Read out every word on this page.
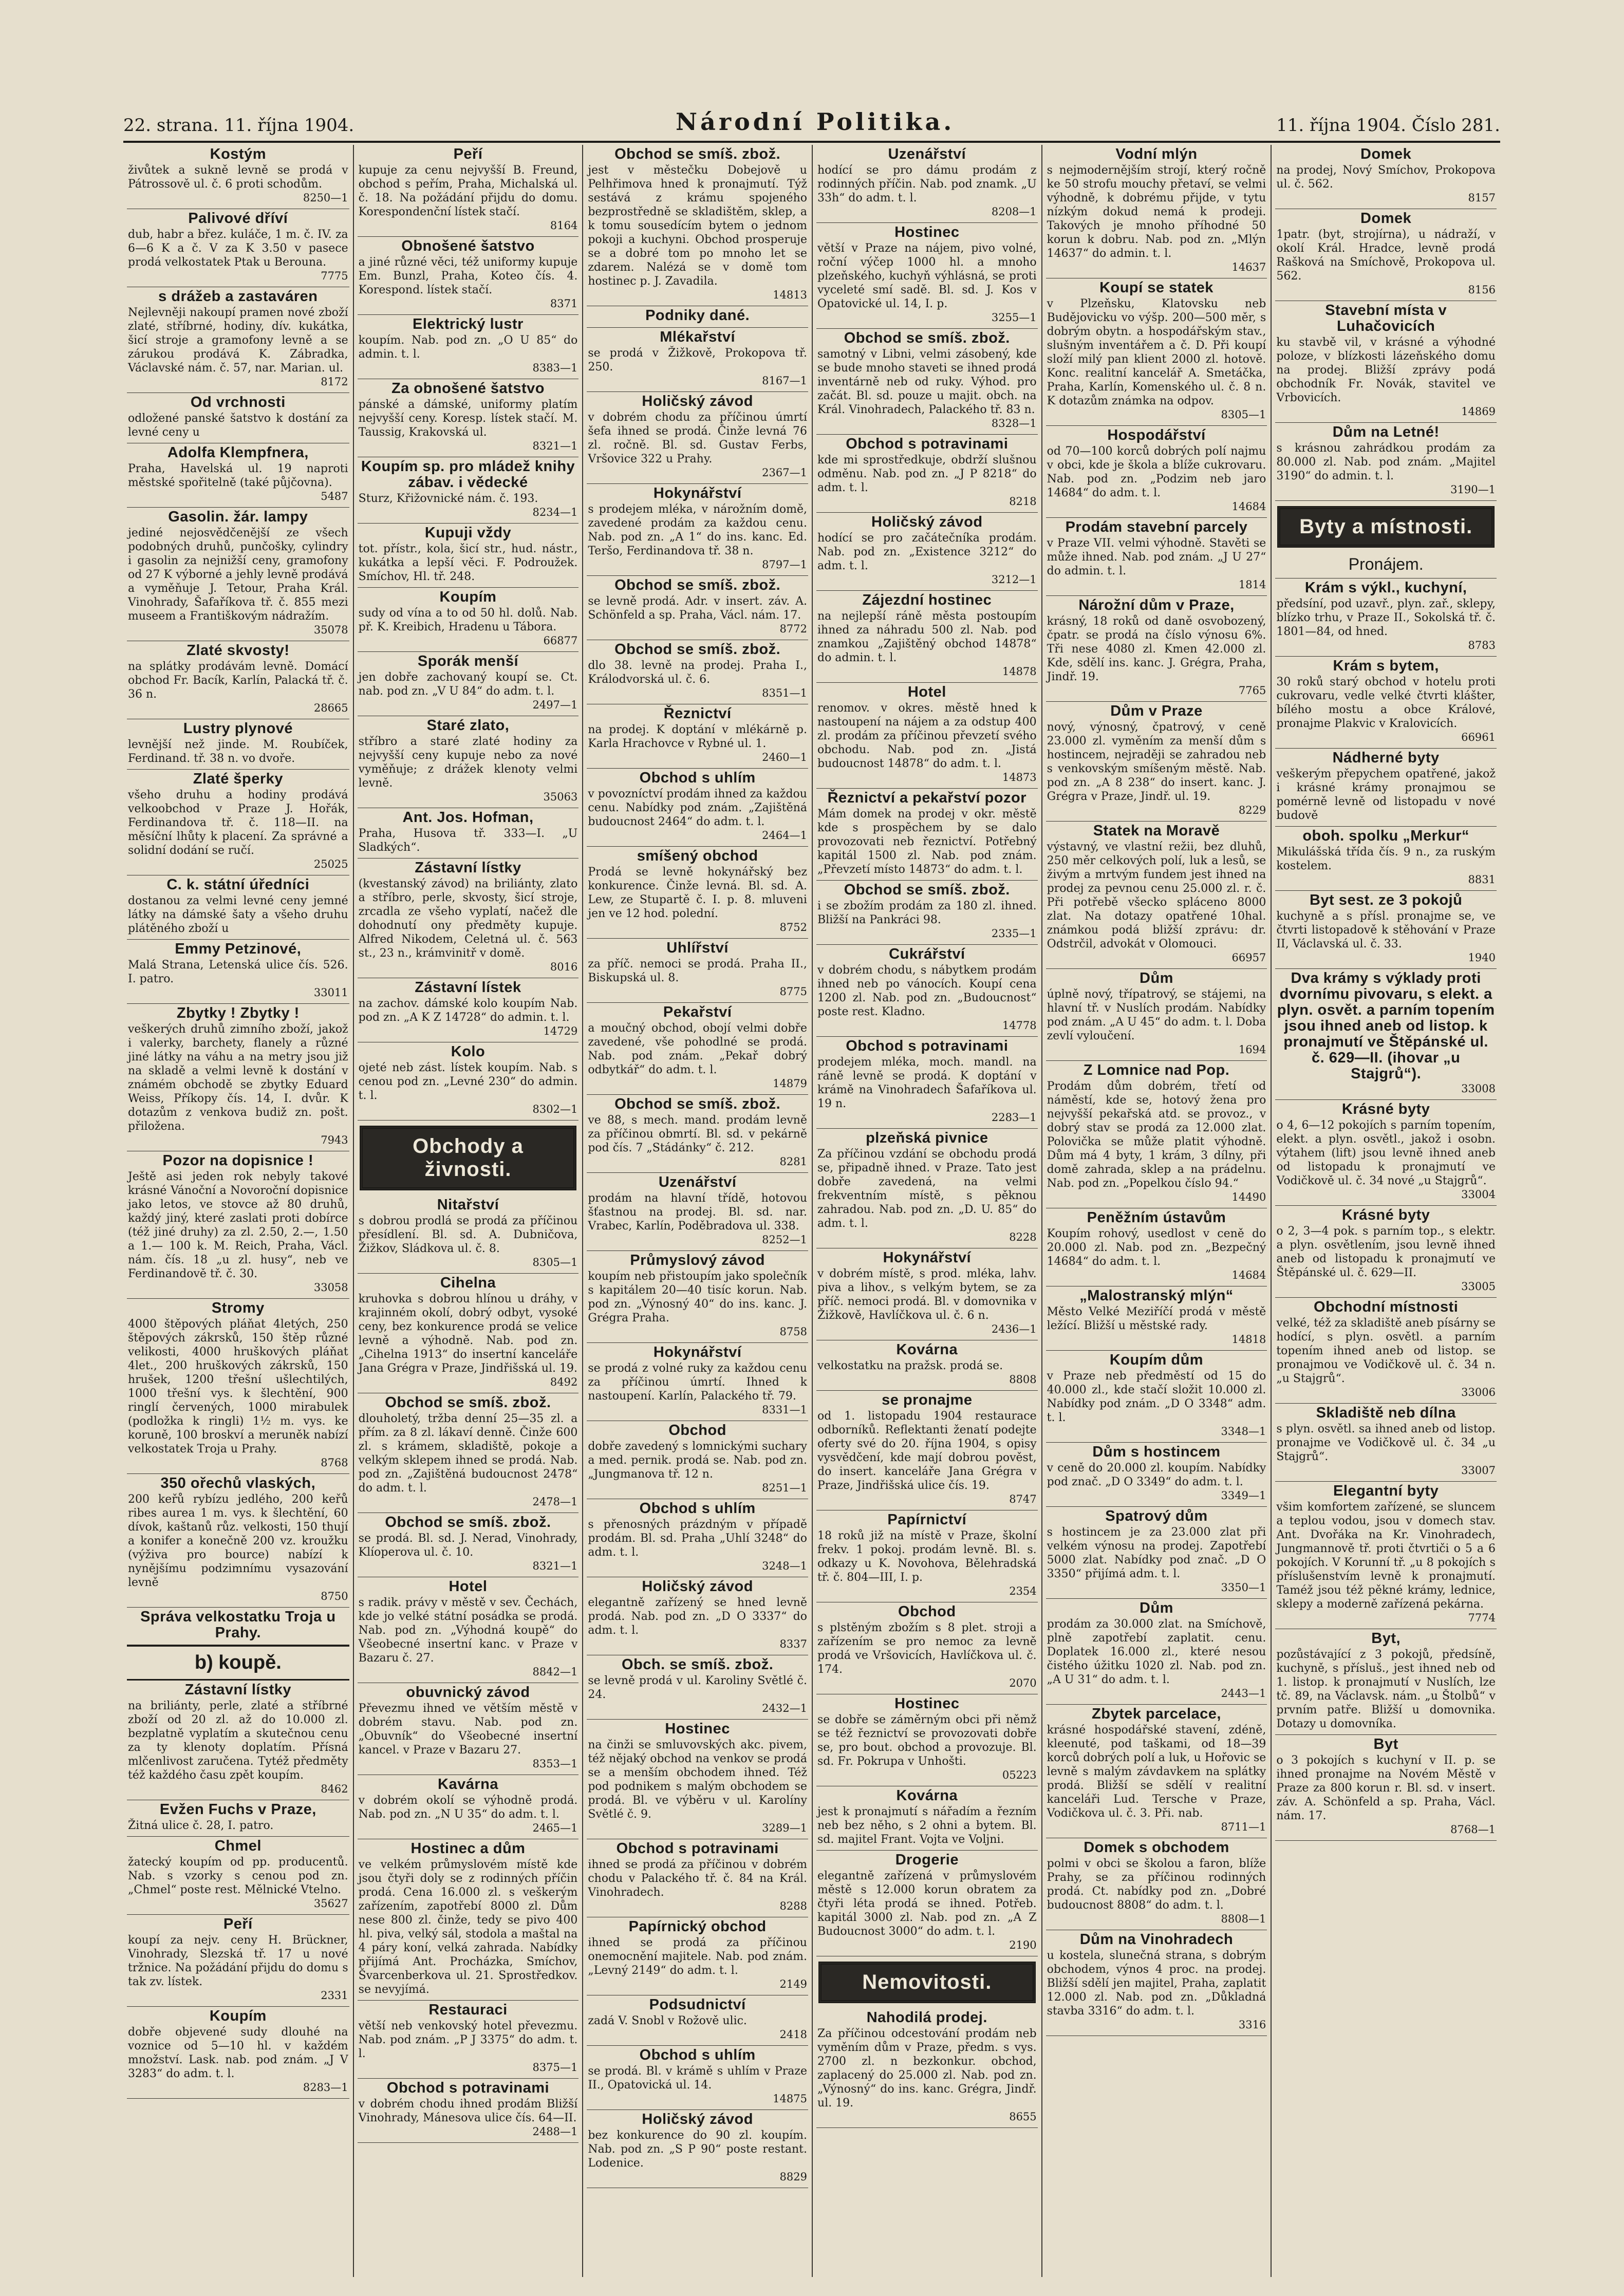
22. strana. 11. října 1904.	Národní Politika.	11. října 1904. Číslo 281.
Kostým

živůtek a sukně levně se prodá v Pátrossově ul. č. 6 proti schodům.

8250—1

Palivové dříví

dub, habr a břez. kuláče, 1 m. č. IV. za 6—6 K a č. V za K 3.50 v pasece prodá velkostatek Ptak u Berouna.

7775

s drážeb a zastaváren

Nejlevněji nakoupí pramen nové zboží zlaté, stříbrné, hodiny, dív. kukátka, šicí stroje a gramofony levně a se zárukou prodává K. Zábradka, Václavské nám. č. 57, nar. Marian. ul.

8172

Od vrchnosti

odložené panské šatstvo k dostání za levné ceny u

Adolfa Klempfnera,

Praha, Havelská ul. 19 naproti městské spořitelně (také půjčovna).

5487

Gasolin. žár. lampy

jediné nejosvědčenější ze všech podobných druhů, punčošky, cylindry i gasolin za nejnižší ceny, gramofony od 27 K výborné a jehly levně prodává a vyměňuje J. Tetour, Praha Král. Vinohrady, Šafaříkova tř. č. 855 mezi museem a Františkovým nádražím.

35078

Zlaté skvosty!

na splátky prodávám levně. Domácí obchod Fr. Bacík, Karlín, Palacká tř. č. 36 n.

28665

Lustry plynové

levnější než jinde. M. Roubíček, Ferdinand. tř. 38 n. vo dvoře.

Zlaté šperky

všeho druhu a hodiny prodává velkoobchod v Praze J. Hořák, Ferdinandova tř. č. 118—II. na měsíční lhůty k placení. Za správné a solidní dodání se ručí.

25025

C. k. státní úředníci

dostanou za velmi levné ceny jemné látky na dámské šaty a všeho druhu plátěného zboží u

Emmy Petzinové,

Malá Strana, Letenská ulice čís. 526. I. patro.

33011

Zbytky ! Zbytky !

veškerých druhů zimního zboží, jakož i valerky, barchety, flanely a různé jiné látky na váhu a na metry jsou již na skladě a velmi levně k dostání v známém obchodě se zbytky Eduard Weiss, Příkopy čís. 14, I. dvůr. K dotazům z venkova budiž zn. pošt. přiložena.

7943

Pozor na dopisnice !

Ještě asi jeden rok nebyly takové krásné Vánoční a Novoroční dopisnice jako letos, ve stovce až 80 druhů, každý jiný, které zaslati proti dobírce (též jiné druhy) za zl. 2.50, 2.—, 1.50 a 1.— 100 k. M. Reich, Praha, Václ. nám. čís. 18 „u zl. husy“, neb ve Ferdinandově tř. č. 30.

33058

Stromy

4000 štěpových pláňat 4letých, 250 štěpových zákrsků, 150 štěp různé velikosti, 4000 hruškových pláňat 4let., 200 hruškových zákrsků, 150 hrušek, 1200 třešní ušlechtilých, 1000 třešní vys. k šlechtění, 900 ringlí červených, 1000 mirabulek (podložka k ringli) 1½ m. vys. ke koruně, 100 broskví a meruněk nabízí velkostatek Troja u Prahy.

8768

350 ořechů vlaských,

200 keřů rybízu jedlého, 200 keřů ribes aurea 1 m. vys. k šlechtění, 60 dívok, kaštanů růz. velkosti, 150 thují a konifer a konečně 200 vz. kroužku (výživa pro bource) nabízí k nynějšímu podzimnímu vysazování levně

8750

Správa velkostatku Troja u Prahy.
b) koupě.
Zástavní lístky

na briliánty, perle, zlaté a stříbrné zboží od 20 zl. až do 10.000 zl. bezplatně vyplatím a skutečnou cenu za ty klenoty doplatím. Přísná mlčenlivost zaručena. Tytéž předměty též každého času zpět koupím.

8462

Evžen Fuchs v Praze,

Žitná ulice č. 28, I. patro.

Chmel

žatecký koupím od pp. producentů. Nab. s vzorky s cenou pod zn. „Chmel“ poste rest. Mělnické Vtelno.

35627

Peří

koupí za nejv. ceny H. Brückner, Vinohrady, Slezská tř. 17 u nové tržnice. Na požádání přijdu do domu s tak zv. lístek.

2331

Koupím

dobře objevené sudy dlouhé na voznice od 5—10 hl. v každém množství. Lask. nab. pod znám. „J V 3283“ do adm. t. l.

8283—1

Peří

kupuje za cenu nejvyšší B. Freund, obchod s peřím, Praha, Michalská ul. č. 18. Na požádání přijdu do domu. Korespondenční lístek stačí.

8164

Obnošené šatstvo

a jiné různé věci, též uniformy kupuje Em. Bunzl, Praha, Koteo čís. 4. Korespond. lístek stačí.

8371

Elektrický lustr

koupím. Nab. pod zn. „O U 85“ do admin. t. l.

8383—1

Za obnošené šatstvo

pánské a dámské, uniformy platím nejvyšší ceny. Koresp. lístek stačí. M. Taussig, Krakovská ul.

8321—1

Koupím sp. pro mládež knihy zábav. i vědecké

Sturz, Křižovnické nám. č. 193.

8234—1

Kupuji vždy

tot. přístr., kola, šicí str., hud. nástr., kukátka a lepší věci. F. Podroužek. Smíchov, Hl. tř. 248.

Koupím

sudy od vína a to od 50 hl. dolů. Nab. př. K. Kreibich, Hradenu u Tábora.

66877

Sporák menší

jen dobře zachovaný koupí se. Ct. nab. pod zn. „V U 84“ do adm. t. l.

2497—1

Staré zlato,

stříbro a staré zlaté hodiny za nejvyšší ceny kupuje nebo za nové vyměňuje; z drážek klenoty velmi levně.

35063

Ant. Jos. Hofman,

Praha, Husova tř. 333—I. „U Sladkých“.

Zástavní lístky

(kvestanský závod) na briliánty, zlato a stříbro, perle, skvosty, šicí stroje, zrcadla ze všeho vyplatí, načež dle dohodnutí ony předměty kupuje. Alfred Nikodem, Celetná ul. č. 563 st., 23 n., krámvinitř v domě.

8016

Zástavní lístek

na zachov. dámské kolo koupím Nab. pod zn. „A K Z 14728“ do admin. t. l.

14729

Kolo

ojeté neb zást. lístek koupím. Nab. s cenou pod zn. „Levné 230“ do admin. t. l.

8302—1

Obchody a živnosti.
Nitařství

s dobrou prodlá se prodá za příčinou přesídlení. Bl. sd. A. Dubničova, Žižkov, Sládkova ul. č. 8.

8305—1

Cihelna

kruhovka s dobrou hlínou u dráhy, v krajinném okolí, dobrý odbyt, vysoké ceny, bez konkurence prodá se velice levně a výhodně. Nab. pod zn. „Cihelna 1913“ do insertní kanceláře Jana Grégra v Praze, Jindřišská ul. 19.

8492

Obchod se smíš. zbož.

dlouholetý, tržba denní 25—35 zl. a přím. za 8 zl. lákaví denně. Činže 600 zl. s krámem, skladiště, pokoje a velkým sklepem ihned se prodá. Nab. pod zn. „Zajištěná budoucnost 2478“ do adm. t. l.

2478—1

Obchod se smíš. zbož.

se prodá. Bl. sd. J. Nerad, Vinohrady, Klíoperova ul. č. 10.

8321—1

Hotel

s radik. právy v městě v sev. Čechách, kde jo velké státní posádka se prodá. Nab. pod zn. „Výhodná koupě“ do Všeobecné insertní kanc. v Praze v Bazaru č. 27.

8842—1

obuvnický závod

Převezmu ihned ve větším městě v dobrém stavu. Nab. pod zn. „Obuvník“ do Všeobecné insertní kancel. v Praze v Bazaru 27.

8353—1

Kavárna

v dobrém okolí se výhodně prodá. Nab. pod zn. „N U 35“ do adm. t. l.

2465—1

Hostinec a dům

ve velkém průmyslovém místě kde jsou čtyři doly se z rodinných příčin prodá. Cena 16.000 zl. s veškerým zařízením, zapotřebí 8000 zl. Dům nese 800 zl. činže, tedy se pivo 400 hl. piva, velký sál, stodola a maštal na 4 páry koní, velká zahrada. Nabídky přijímá Ant. Procházka, Smíchov, Švarcenberkova ul. 21. Sprostředkov. se nevyjímá.

Restauraci

větší neb venkovský hotel převezmu. Nab. pod znám. „P J 3375“ do adm. t. l.

8375—1

Obchod s potravinami

v dobrém chodu ihned prodám Bližší Vinohrady, Mánesova ulice čís. 64—II.

2488—1

Obchod se smíš. zbož.

jest v městečku Dobejově u Pelhřimova hned k pronajmutí. Týž sestává z krámu spojeného bezprostředně se skladištěm, sklep, a k tomu sousedícím bytem o jednom pokoji a kuchyni. Obchod prosperuje se a dobré tom po mnoho let se zdarem. Nalézá se v domě tom hostinec p. J. Zavadila.

14813

Podniky dané.
Mlékařství

se prodá v Žižkově, Prokopova tř. 250.

8167—1

Holičský závod

v dobrém chodu za příčinou úmrtí šefa ihned se prodá. Činže levná 76 zl. ročně. Bl. sd. Gustav Ferbs, Vršovice 322 u Prahy.

2367—1

Hokynářství

s prodejem mléka, v nárožním domě, zavedené prodám za každou cenu. Nab. pod zn. „A 1“ do ins. kanc. Ed. Teršo, Ferdinandova tř. 38 n.

8797—1

Obchod se smíš. zbož.

se levně prodá. Adr. v insert. záv. A. Schönfeld a sp. Praha, Václ. nám. 17.

8772

Obchod se smíš. zbož.

dlo 38. levně na prodej. Praha I., Králodvorská ul. č. 6.

8351—1

Řeznictví

na prodej. K doptání v mlékárně p. Karla Hrachovce v Rybné ul. 1.

2460—1

Obchod s uhlím

v povozníctví prodám ihned za každou cenu. Nabídky pod znám. „Zajištěná budoucnost 2464“ do adm. t. l.

2464—1

smíšený obchod

Prodá se levně hokynářský bez konkurence. Činže levná. Bl. sd. A. Lew, ze Stupartě č. I. p. 8. mluveni jen ve 12 hod. polední.

8752

Uhlířství

za příč. nemoci se prodá. Praha II., Biskupská ul. 8.

8775

Pekařství

a moučný obchod, obojí velmi dobře zavedené, vše pohodlné se prodá. Nab. pod znám. „Pekař dobrý odbytkář“ do adm. t. l.

14879

Obchod se smíš. zbož.

ve 88, s mech. mand. prodám levně za příčinou obmrtí. Bl. sd. v pekárně pod čís. 7 „Stádánky“ č. 212.

8281

Uzenářství

prodám na hlavní třídě, hotovou šťastnou na prodej. Bl. sd. nar. Vrabec, Karlín, Poděbradova ul. 338.

8252—1

Průmyslový závod

koupím neb přistoupím jako společník s kapitálem 20—40 tisíc korun. Nab. pod zn. „Výnosný 40“ do ins. kanc. J. Grégra Praha.

8758

Hokynářství

se prodá z volné ruky za každou cenu za příčinou úmrtí. Ihned k nastoupení. Karlín, Palackého tř. 79.

8331—1

Obchod

dobře zavedený s lomnickými suchary a med. pernik. prodá se. Nab. pod zn. „Jungmanova tř. 12 n.

8251—1

Obchod s uhlím

s přenosných prázdným v případě prodám. Bl. sd. Praha „Uhlí 3248“ do adm. t. l.

3248—1

Holičský závod

elegantně zařízený se hned levně prodá. Nab. pod zn. „D O 3337“ do adm. t. l.

8337

Obch. se smíš. zbož.

se levně prodá v ul. Karoliny Světlé č. 24.

2432—1

Hostinec

na činži se smluvovských akc. pivem, též nějaký obchod na venkov se prodá se a menším obchodem ihned. Též pod podnikem s malým obchodem se prodá. Bl. ve výběru v ul. Karolíny Světlé č. 9.

3289—1

Obchod s potravinami

ihned se prodá za příčinou v dobrém chodu v Palackého tř. č. 84 na Král. Vinohradech.

8288

Papírnický obchod

ihned se prodá za příčinou onemocnění majitele. Nab. pod znám. „Levný 2149“ do adm. t. l.

2149

Podsudnictví

zadá V. Snobl v Rožově ulic.

2418

Obchod s uhlím

se prodá. Bl. v krámě s uhlím v Praze II., Opatovická ul. 14.

14875

Holičský závod

bez konkurence do 90 zl. koupím. Nab. pod zn. „S P 90“ poste restant. Lodenice.

8829

Uzenářství

hodící se pro dámu prodám z rodinných příčin. Nab. pod znamk. „U 33h“ do adm. t. l.

8208—1

Hostinec

větší v Praze na nájem, pivo volné, roční výčep 1000 hl. a mnoho plzeňského, kuchyň výhlásná, se proti vyceleté smí sadě. Bl. sd. J. Kos v Opatovické ul. 14, I. p.

3255—1

Obchod se smíš. zbož.

samotný v Libni, velmi zásobený, kde se bude mnoho staveti se ihned prodá inventárně neb od ruky. Výhod. pro začát. Bl. sd. pouze u majit. obch. na Král. Vinohradech, Palackého tř. 83 n.

8328—1

Obchod s potravinami

kde mi sprostředkuje, obdrží slušnou odměnu. Nab. pod zn. „J P 8218“ do adm. t. l.

8218

Holičský závod

hodící se pro začátečníka prodám. Nab. pod zn. „Existence 3212“ do adm. t. l.

3212—1

Zájezdní hostinec

na nejlepší ráně města postoupím ihned za náhradu 500 zl. Nab. pod znamkou „Zajištěný obchod 14878“ do admin. t. l.

14878

Hotel

renomov. v okres. městě hned k nastoupení na nájem a za odstup 400 zl. prodám za příčinou převzetí svého obchodu. Nab. pod zn. „Jistá budoucnost 14878“ do adm. t. l.

14873

Řeznictví a pekařství pozor

Mám domek na prodej v okr. městě kde s prospěchem by se dalo provozovati neb řeznictví. Potřebný kapitál 1500 zl. Nab. pod znám. „Převzetí místo 14873“ do adm. t. l.

Obchod se smíš. zbož.

i se zbožím prodám za 180 zl. ihned. Bližší na Pankráci 98.

2335—1

Cukrářství

v dobrém chodu, s nábytkem prodám ihned neb po vánocích. Koupí cena 1200 zl. Nab. pod zn. „Budoucnost“ poste rest. Kladno.

14778

Obchod s potravinami

prodejem mléka, moch. mandl. na ráně levně se prodá. K doptání v krámě na Vinohradech Šafaříkova ul. 19 n.

2283—1

plzeňská pivnice

Za příčinou vzdání se obchodu prodá se, připadně ihned. v Praze. Tato jest dobře zavedená, na velmi frekventním místě, s pěknou zahradou. Nab. pod zn. „D. U. 85“ do adm. t. l.

8228

Hokynářství

v dobrém místě, s prod. mléka, lahv. piva a lihov., s velkým bytem, se za příč. nemoci prodá. Bl. v domovnika v Žižkově, Havlíčkova ul. č. 6 n.

2436—1

Kovárna

velkostatku na pražsk. prodá se.

8808

se pronajme

od 1. listopadu 1904 restaurace odborníků. Reflektanti ženatí podejte oferty své do 20. října 1904, s opisy vysvědčení, kde mají dobrou pověst, do insert. kanceláře Jana Grégra v Praze, Jindřišská ulice čís. 19.

8747

Papírnictví

18 roků již na místě v Praze, školní frekv. 1 pokoj. prodám levně. Bl. s. odkazy u K. Novohova, Bělehradská tř. č. 804—III, I. p.

2354

Obchod

s plstěným zbožím s 8 plet. stroji a zařízením se pro nemoc za levně prodá ve Vršovicích, Havlíčkova ul. č. 174.

2070

Hostinec

se dobře se záměrným obci při němž se též řeznictví se provozovati dobře se, pro bout. obchod a provozuje. Bl. sd. Fr. Pokrupa v Unhošti.

05223

Kovárna

jest k pronajmutí s nářadím a řezním neb bez něho, s 2 ohni a bytem. Bl. sd. majitel Frant. Vojta ve Voljni.

Drogerie

elegantně zařízená v průmyslovém městě s 12.000 korun obratem za čtyři léta prodá se ihned. Potřeb. kapitál 3000 zl. Nab. pod zn. „A Z Budoucnost 3000“ do adm. t. l.

2190

Nemovitosti.
Nahodilá prodej.

Za příčinou odcestování prodám neb vyměním dům v Praze, předm. s vys. 2700 zl. n bezkonkur. obchod, zaplacený do 25.000 zl. Nab. pod zn. „Výnosný“ do ins. kanc. Grégra, Jindř. ul. 19.

8655

Vodní mlýn

s nejmodernějším strojí, který ročně ke 50 strofu mouchy přetaví, se velmi výhodně, k dobrému přijde, v tytu nízkým dokud nemá k prodeji. Takových je mnoho příhodné 50 korun k dobru. Nab. pod zn. „Mlýn 14637“ do admin. t. l.

14637

Koupí se statek

v Plzeňsku, Klatovsku neb Budějovicku vo výšp. 200—500 měr, s dobrým obytn. a hospodářským stav., slušným inventářem a č. D. Při koupí složí milý pan klient 2000 zl. hotově. Konc. realitní kancelář A. Smetáčka, Praha, Karlín, Komenského ul. č. 8 n. K dotazům známka na odpov.

8305—1

Hospodářství

od 70—100 korců dobrých polí najmu v obci, kde je škola a blíže cukrovaru. Nab. pod zn. „Podzim neb jaro 14684“ do adm. t. l.

14684

Prodám stavební parcely

v Praze VII. velmi výhodně. Stavěti se může ihned. Nab. pod znám. „J U 27“ do admin. t. l.

1814

Nárožní dům v Praze,

krásný, 18 roků od daně osvobozený, čpatr. se prodá na číslo výnosu 6%. Tři nese 4080 zl. Kmen 42.000 zl. Kde, sdělí ins. kanc. J. Grégra, Praha, Jindř. 19.

7765

Dům v Praze

nový, výnosný, čpatrový, v ceně 23.000 zl. vyměním za menší dům s hostincem, nejraději se zahradou neb s venkovským smíšeným městě. Nab. pod zn. „A 8 238“ do insert. kanc. J. Grégra v Praze, Jindř. ul. 19.

8229

Statek na Moravě

výstavný, ve vlastní režii, bez dluhů, 250 měr celkových polí, luk a lesů, se živým a mrtvým fundem jest ihned na prodej za pevnou cenu 25.000 zl. r. č. Při potřebě všecko spláceno 8000 zlat. Na dotazy opatřené 10hal. známkou podá bližší zprávu: dr. Odstrčil, advokát v Olomouci.

66957

Dům

úplně nový, třípatrový, se stájemi, na hlavní tř. v Nuslích prodám. Nabídky pod znám. „A U 45“ do adm. t. l. Doba zevlí vyloučení.

1694

Z Lomnice nad Pop.

Prodám dům dobrém, třetí od náměstí, kde se, hotový žena pro nejvyšší pekařská atd. se provoz., v dobrý stav se prodá za 12.000 zlat. Polovička se může platit výhodně. Dům má 4 byty, 1 krám, 3 dílny, při domě zahrada, sklep a na prádelnu. Nab. pod zn. „Popelkou číslo 94.“

14490

Peněžním ústavům

Koupím rohový, usedlost v ceně do 20.000 zl. Nab. pod zn. „Bezpečný 14684“ do adm. t. l.

14684

„Malostranský mlýn“

Město Velké Meziříčí prodá v městě ležící. Bližší u městské rady.

14818

Koupím dům

v Praze neb předměstí od 15 do 40.000 zl., kde stačí složit 10.000 zl. Nabídky pod znám. „D O 3348“ adm. t. l.

3348—1

Dům s hostincem

v ceně do 20.000 zl. koupím. Nabídky pod znač. „D O 3349“ do adm. t. l.

3349—1

Spatrový dům

s hostincem je za 23.000 zlat při velkém výnosu na prodej. Zapotřebí 5000 zlat. Nabídky pod znač. „D O 3350“ přijímá adm. t. l.

3350—1

Dům

prodám za 30.000 zlat. na Smíchově, plně zapotřebí zaplatit. cenu. Doplatek 16.000 zl., které nesou čistého úžitku 1020 zl. Nab. pod zn. „A U 31“ do adm. t. l.

2443—1

Zbytek parcelace,

krásné hospodářské stavení, zdéně, kleenuté, pod taškami, od 18—39 korců dobrých polí a luk, u Hořovic se levně s malým závdavkem na splátky prodá. Bližší se sdělí v realitní kanceláři Lud. Tersche v Praze, Vodičkova ul. č. 3. Při. nab.

8711—1

Domek s obchodem

polmi v obci se školou a faron, blíže Prahy, se za příčinou rodinných prodá. Ct. nabídky pod zn. „Dobré budoucnost 8808“ do adm. t. l.

8808—1

Dům na Vinohradech

u kostela, slunečná strana, s dobrým obchodem, výnos 4 proc. na prodej. Bližší sdělí jen majitel, Praha, zaplatit 12.000 zl. Nab. pod zn. „Důkladná stavba 3316“ do adm. t. l.

3316

Domek

na prodej, Nový Smíchov, Prokopova ul. č. 562.

8157

Domek

1patr. (byt, strojírna), u nádraží, v okolí Král. Hradce, levně prodá Rašková na Smíchově, Prokopova ul. 562.

8156

Stavební místa v Luhačovicích

ku stavbě vil, v krásné a výhodné poloze, v blízkosti lázeňského domu na prodej. Bližší zprávy podá obchodník Fr. Novák, stavitel ve Vrbovicích.

14869

Dům na Letné!

s krásnou zahrádkou prodám za 80.000 zl. Nab. pod znám. „Majitel 3190“ do admin. t. l.

3190—1

Byty a místnosti.
Pronájem.
Krám s výkl., kuchyní,

předsíní, pod uzavř., plyn. zař., sklepy, blízko trhu, v Praze II., Sokolská tř. č. 1801—84, od hned.

8783

Krám s bytem,

30 roků starý obchod v hotelu proti cukrovaru, vedle velké čtvrti klášter, bílého mostu a obce Králové, pronajme Plakvic v Kralovicích.

66961

Nádherné byty

veškerým přepychem opatřené, jakož i krásné krámy pronajmou se pomérně levně od listopadu v nové budově

oboh. spolku „Merkur“

Mikulášská třída čís. 9 n., za ruským kostelem.

8831

Byt sest. ze 3 pokojů

kuchyně a s přísl. pronajme se, ve čtvrti listopadově k stěhování v Praze II, Václavská ul. č. 33.

1940

Dva krámy s výklady proti dvornímu pivovaru, s elekt. a plyn. osvět. a parním topením jsou ihned aneb od listop. k pronajmutí ve Štěpánské ul. č. 629—II. (ihovar „u Stajgrů“).

33008

Krásné byty

o 4, 6—12 pokojích s parním topením, elekt. a plyn. osvětl., jakož i osobn. výtahem (lift) jsou levně ihned aneb od listopadu k pronajmutí ve Vodičkově ul. č. 34 nové „u Stajgrů“.

33004

Krásné byty

o 2, 3—4 pok. s parním top., s elektr. a plyn. osvětlením, jsou levně ihned aneb od listopadu k pronajmutí ve Štěpánské ul. č. 629—II.

33005

Obchodní místnosti

velké, též za skladiště aneb písárny se hodící, s plyn. osvětl. a parním topením ihned aneb od listop. se pronajmou ve Vodičkově ul. č. 34 n. „u Stajgrů“.

33006

Skladiště neb dílna

s plyn. osvětl. sa ihned aneb od listop. pronajme ve Vodičkově ul. č. 34 „u Stajgrů“.

33007

Elegantní byty

všim komfortem zařízené, se sluncem a teplou vodou, jsou v domech stav. Ant. Dvořáka na Kr. Vinohradech, Jungmannově tř. proti čtvrtiči o 5 a 6 pokojích. V Korunní tř. „u 8 pokojích s příslušenstvím levně k pronajmutí. Taméž jsou též pěkné krámy, lednice, sklepy a moderně zařízená pekárna.

7774

Byt,

pozůstávající z 3 pokojů, předsíně, kuchyně, s přísluš., jest ihned neb od 1. listop. k pronajmutí v Nuslích, lze tč. 89, na Václavsk. nám. „u Štolbů“ v prvním patře. Bližší u domovnika. Dotazy u domovníka.

Byt

o 3 pokojích s kuchyní v II. p. se ihned pronajme na Novém Městě v Praze za 800 korun r. Bl. sd. v insert. záv. A. Schönfeld a sp. Praha, Václ. nám. 17.

8768—1
